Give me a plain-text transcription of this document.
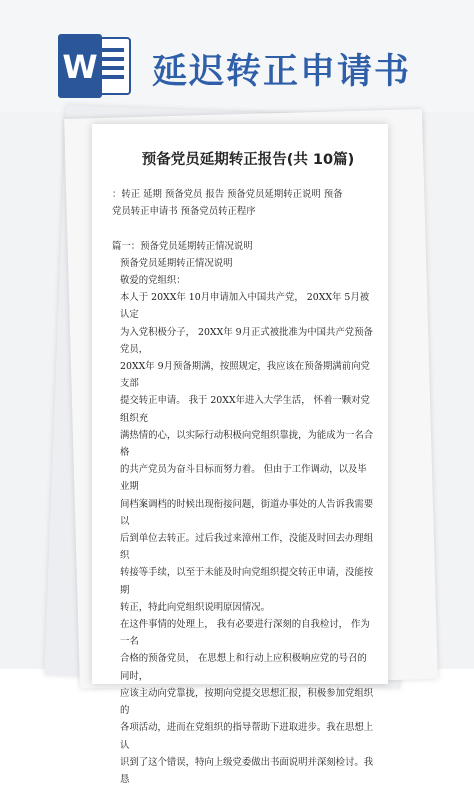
W 延迟转正申请书
预备党员延期转正报告(共 10篇)
：转正 延期 预备党员 报告 预备党员延期转正说明 预备
党员转正申请书 预备党员转正程序
篇一：预备党员延期转正情况说明
预备党员延期转正情况说明
敬爱的党组织：
本人于 20XX年 10月申请加入中国共产党， 20XX年 5月被认定
为入党积极分子， 20XX年 9月正式被批准为中国共产党预备党员，
20XX年 9月预备期满，按照规定，我应该在预备期满前向党支部
提交转正申请。 我于 20XX年进入大学生活， 怀着一颗对党组织充
满热情的心，以实际行动积极向党组织靠拢，为能成为一名合格
的共产党员为奋斗目标而努力着。 但由于工作调动，以及毕业期
间档案调档的时候出现衔接问题，街道办事处的人告诉我需要以
后到单位去转正。过后我过来漳州工作，没能及时回去办理组织
转接等手续，以至于未能及时向党组织提交转正申请，没能按期
转正，特此向党组织说明原因情况。
在这件事情的处理上， 我有必要进行深刻的自我检讨， 作为一名
合格的预备党员， 在思想上和行动上应积极响应党的号召的同时，
应该主动向党靠拢，按期向党提交思想汇报，积极参加党组织的
各项活动，进而在党组织的指导帮助下进取进步。我在思想上认
识到了这个错误，特向上级党委做出书面说明并深刻检讨。我恳
